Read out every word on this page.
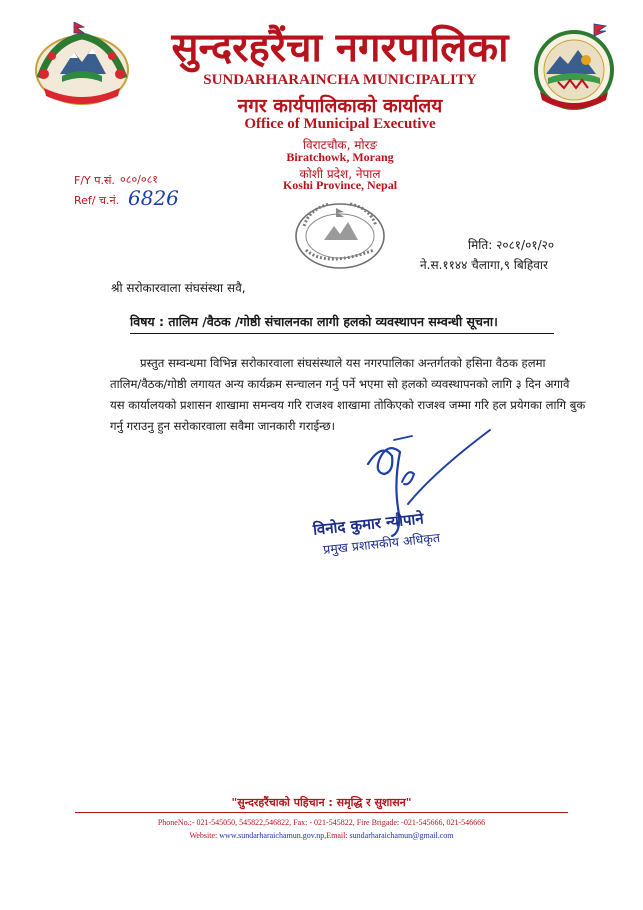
सुन्दरहरैंचा नगरपालिका
SUNDARHARAINCHA MUNICIPALITY
नगर कार्यपालिकाको कार्यालय
Office of Municipal Executive
विराटचौक, मोरङ
Biratchowk, Morang
कोशी प्रदेश, नेपाल
Koshi Province, Nepal
F/Y प.सं. ०८०/०८१
Ref/ च.नं. 6826
मिति: २०८१/०१/२०
ने.स.११४४ चैलागा,९ बिहिवार
श्री सरोकारवाला संघसंस्था सवै,
विषय : तालिम /वैठक /गोष्ठी संचालनका लागी हलको व्यवस्थापन सम्वन्धी सूचना।

प्रस्तुत सम्वन्धमा विभिन्न सरोकारवाला संघसंस्थाले यस नगरपालिका अन्तर्गतको हसिना वैठक हलमा

तालिम/वैठक/गोष्ठी लगायत अन्य कार्यक्रम सन्चालन गर्नु पर्ने भएमा सो हलको व्यवस्थापनको लागि ३ दिन अगावै

यस कार्यालयको प्रशासन शाखामा समन्वय गरि राजश्व शाखामा तोकिएको राजश्व जम्मा गरि हल प्रयेगका लागि बुक

गर्नु गराउनु हुन सरोकारवाला सवैमा जानकारी गराईन्छ।

विनोद कुमार न्यौपाने
प्रमुख प्रशासकीय अधिकृत
"सुन्दरहरैंचाको पहिचान : समृद्धि र सुशासन"
PhoneNo.:- 021-545050, 545822,546822, Fax: - 021-545822, Fire Brigade: -021-545666, 021-546666
Website: www.sundarharaichamun.gov.np,Email: sundarharaichamun@gmail.com
